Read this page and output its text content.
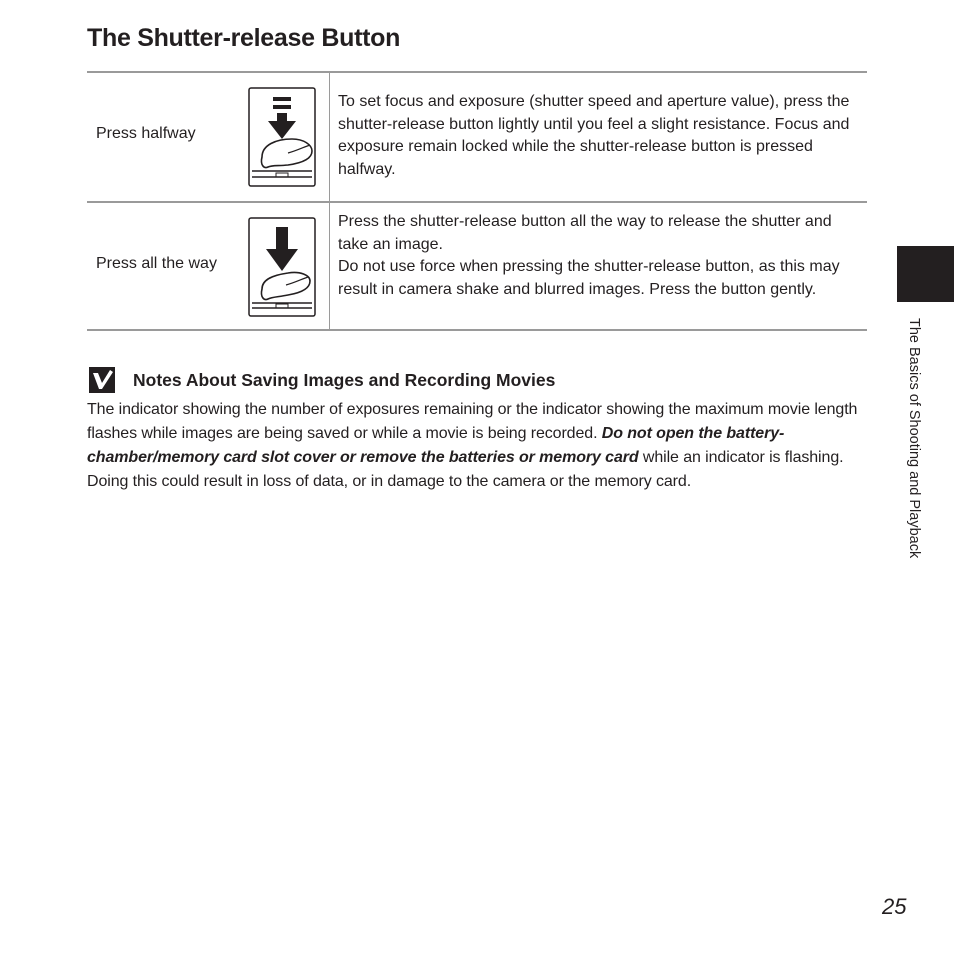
The Shutter-release Button
Press halfway

To set focus and exposure (shutter speed and aperture value), press the shutter-release button lightly until you feel a slight resistance. Focus and exposure remain locked while the shutter-release button is pressed halfway.

Press all the way

Press the shutter-release button all the way to release the shutter and take an image.

Do not use force when pressing the shutter-release button, as this may result in camera shake and blurred images. Press the button gently.

Notes About Saving Images and Recording Movies

The indicator showing the number of exposures remaining or the indicator showing the maximum movie length flashes while images are being saved or while a movie is being recorded. Do not open the battery-chamber/memory card slot cover or remove the batteries or memory card while an indicator is flashing. Doing this could result in loss of data, or in damage to the camera or the memory card.	The Basics of Shooting and Playback
25
